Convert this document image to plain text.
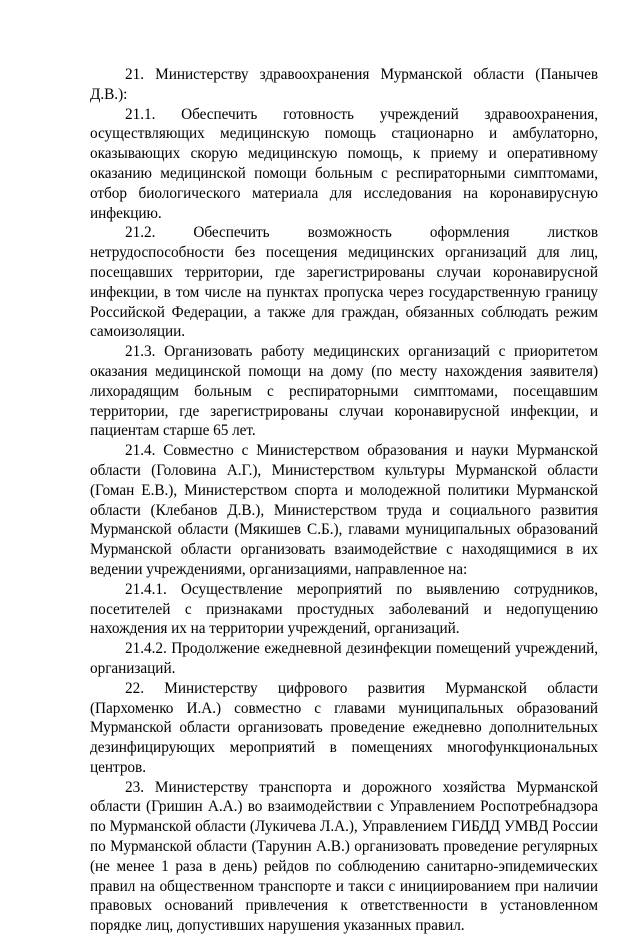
21. Министерству здравоохранения Мурманской области (Панычев Д.В.):

21.1. Обеспечить готовность учреждений здравоохранения, осуществляющих медицинскую помощь стационарно и амбулаторно, оказывающих скорую медицинскую помощь, к приему и оперативному оказанию медицинской помощи больным с респираторными симптомами, отбор биологического материала для исследования на коронавирусную инфекцию.

21.2. Обеспечить возможность оформления листков нетрудоспособности без посещения медицинских организаций для лиц, посещавших территории, где зарегистрированы случаи коронавирусной инфекции, в том числе на пунктах пропуска через государственную границу Российской Федерации, а также для граждан, обязанных соблюдать режим самоизоляции.

21.3. Организовать работу медицинских организаций с приоритетом оказания медицинской помощи на дому (по месту нахождения заявителя) лихорадящим больным с респираторными симптомами, посещавшим территории, где зарегистрированы случаи коронавирусной инфекции, и пациентам старше 65 лет.

21.4. Совместно с Министерством образования и науки Мурманской области (Головина А.Г.), Министерством культуры Мурманской области (Гоман Е.В.), Министерством спорта и молодежной политики Мурманской области (Клебанов Д.В.), Министерством труда и социального развития Мурманской области (Мякишев С.Б.), главами муниципальных образований Мурманской области организовать взаимодействие с находящимися в их ведении учреждениями, организациями, направленное на:

21.4.1. Осуществление мероприятий по выявлению сотрудников, посетителей с признаками простудных заболеваний и недопущению нахождения их на территории учреждений, организаций.

21.4.2. Продолжение ежедневной дезинфекции помещений учреждений, организаций.

22. Министерству цифрового развития Мурманской области (Пархоменко И.А.) совместно с главами муниципальных образований Мурманской области организовать проведение ежедневно дополнительных дезинфицирующих мероприятий в помещениях многофункциональных центров.

23. Министерству транспорта и дорожного хозяйства Мурманской области (Гришин А.А.) во взаимодействии с Управлением Роспотребнадзора по Мурманской области (Лукичева Л.А.), Управлением ГИБДД УМВД России по Мурманской области (Тарунин А.В.) организовать проведение регулярных (не менее 1 раза в день) рейдов по соблюдению санитарно-эпидемических правил на общественном транспорте и такси с инициированием при наличии правовых оснований привлечения к ответственности в установленном порядке лиц, допустивших нарушения указанных правил.
